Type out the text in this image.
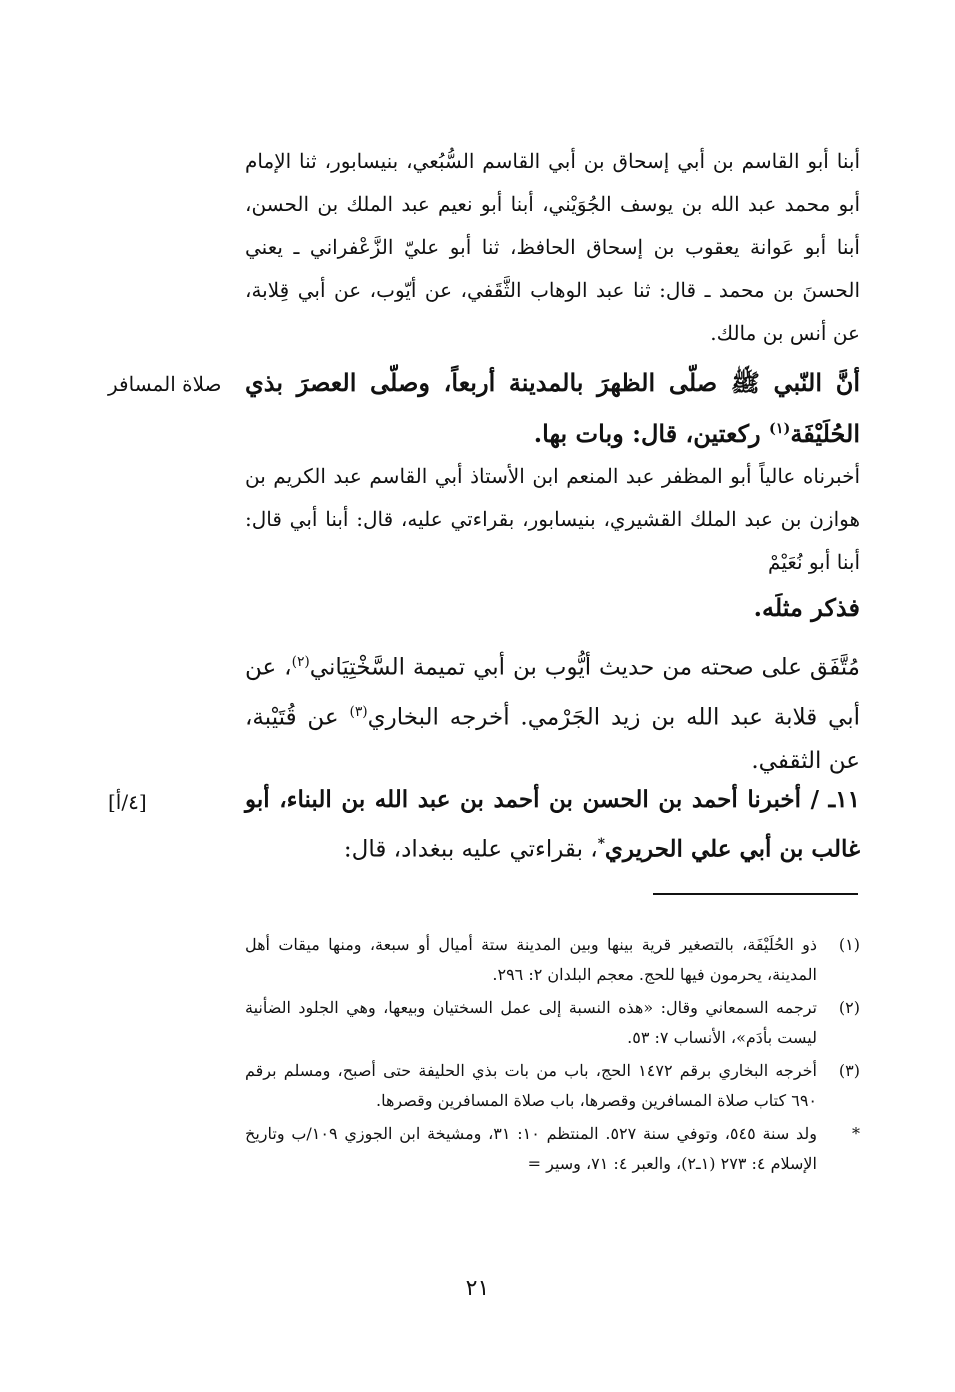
أبنا أبو القاسم بن أبي إسحاق بن أبي القاسم السُّبُعي، بنيسابور، ثنا الإمام أبو محمد عبد الله بن يوسف الجُوَيْني، أبنا أبو نعيم عبد الملك بن الحسن، أبنا أبو عَوانة يعقوب بن إسحاق الحافظ، ثنا أبو عليّ الزَّعْفراني ـ يعني الحسنَ بن محمد ـ قال: ثنا عبد الوهاب الثَّقَفي، عن أيّوب، عن أبي قِلابة، عن أنس بن مالك.

أنَّ النّبي ﷺ صلّى الظهرَ بالمدينة أربعاً، وصلّى العصرَ بذي الحُلَيْفَة$^{(١)}$ ركعتين، قال: وبات بها.

صلاة المسافر

أخبرناه عالياً أبو المظفر عبد المنعم ابن الأستاذ أبي القاسم عبد الكريم بن هوازن بن عبد الملك القشيري، بنيسابور، بقراءتي عليه، قال: أبنا أبي قال: أبنا أبو نُعَيْمْ

فذكر مثلَه.

مُتَّفَق على صحته من حديث أيُّوب بن أبي تميمة السَّخْتِيَاني$^{(٢)}$، عن أبي قلابة عبد الله بن زيد الجَرْمي. أخرجه البخاري$^{(٣)}$ عن قُتَيْبة، عن الثقفي.

١١ـ / أخبرنا أحمد بن الحسن بن أحمد بن عبد الله بن البناء، أبو غالب بن أبي علي الحريري*، بقراءتي عليه ببغداد، قال:

[٤/أ]
(١)
ذو الحُلَيْفَة، بالتصغير قرية بينها وبين المدينة ستة أميال أو سبعة، ومنها ميقات أهل المدينة، يحرمون فيها للحج. معجم البلدان ٢: ٢٩٦.
(٢)
ترجمه السمعاني وقال: «هذه النسبة إلى عمل السختيان وبيعها، وهي الجلود الضأنية ليست بأدَم»، الأنساب ٧: ٥٣.
(٣)
أخرجه البخاري برقم ١٤٧٢ الحج، باب من بات بذي الحليفة حتى أصبح، ومسلم برقم ٦٩٠ كتاب صلاة المسافرين وقصرها، باب صلاة المسافرين وقصرها.
*
ولد سنة ٥٤٥، وتوفي سنة ٥٢٧. المنتظم ١٠: ٣١، ومشيخة ابن الجوزي ١٠٩/ب وتاريخ الإسلام ٤: ٢٧٣ (١ـ٢)، والعبر ٤: ٧١، وسير =
٢١
